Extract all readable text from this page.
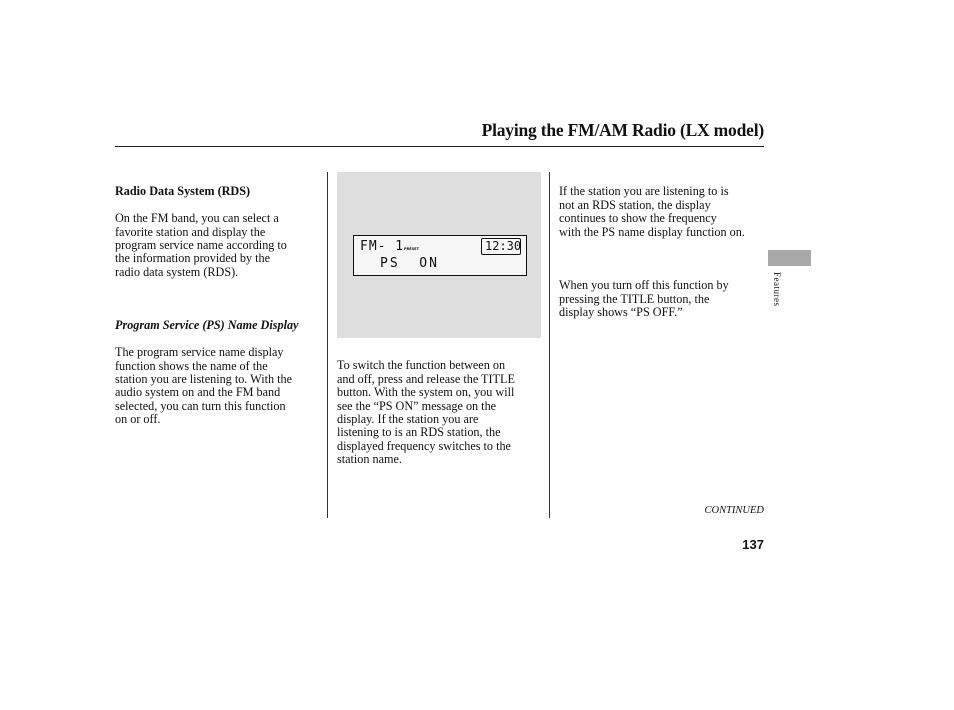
Playing the FM/AM Radio (LX model)

Radio Data System (RDS)

On the FM band, you can select a
favorite station and display the
program service name according to
the information provided by the
radio data system (RDS).

Program Service (PS) Name Display

The program service name display
function shows the name of the
station you are listening to. With the
audio system on and the FM band
selected, you can turn this function
on or off.

FM- 1 PRESET	12:30
PS  ON

To switch the function between on
and off, press and release the TITLE
button. With the system on, you will
see the “PS ON” message on the
display. If the station you are
listening to is an RDS station, the
displayed frequency switches to the
station name.

If the station you are listening to is
not an RDS station, the display
continues to show the frequency
with the PS name display function on.

When you turn off this function by
pressing the TITLE button, the
display shows “PS OFF.”

Features
CONTINUED
137
